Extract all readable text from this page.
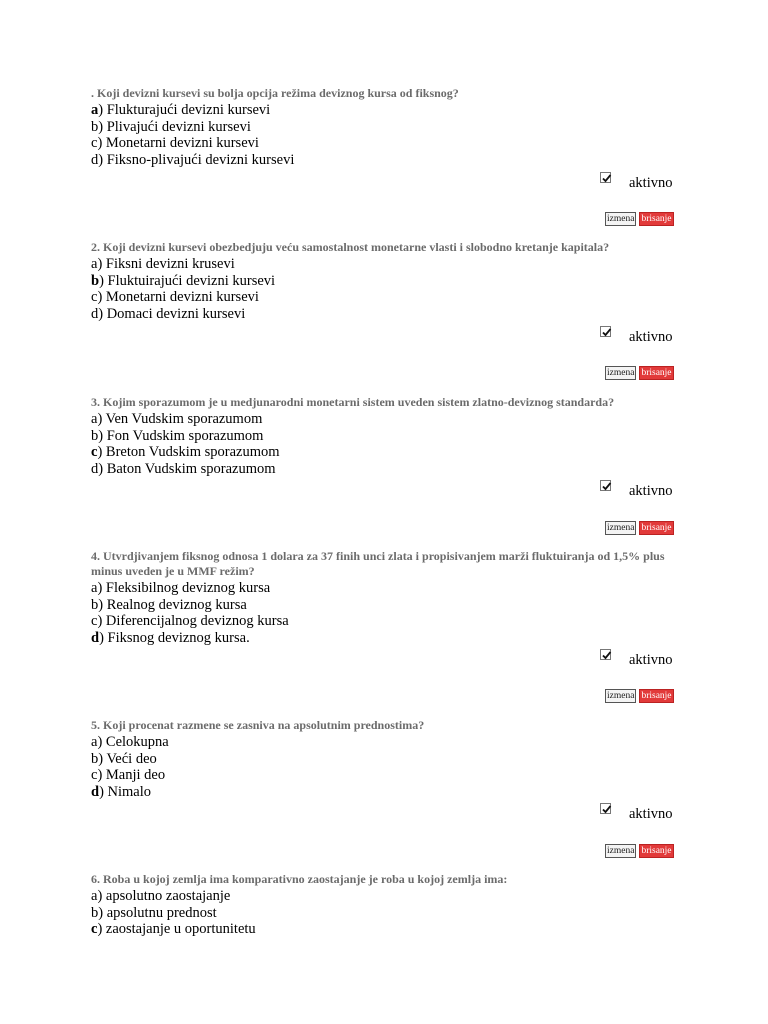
. Koji devizni kursevi su bolja opcija režima deviznog kursa od fiksnog?
a) Flukturajući devizni kursevi
b) Plivajući devizni kursevi
c) Monetarni devizni kursevi
d) Fiksno-plivajući devizni kursevi
aktivno
izmena brisanje
2. Koji devizni kursevi obezbedjuju veću samostalnost monetarne vlasti i slobodno kretanje kapitala?
a) Fiksni devizni krusevi
b) Fluktuirajući devizni kursevi
c) Monetarni devizni kursevi
d) Domaci devizni kursevi
aktivno
izmena brisanje
3. Kojim sporazumom je u medjunarodni monetarni sistem uveden sistem zlatno-deviznog standarda?
a) Ven Vudskim sporazumom
b) Fon Vudskim sporazumom
c) Breton Vudskim sporazumom
d) Baton Vudskim sporazumom
aktivno
izmena brisanje
4. Utvrdjivanjem fiksnog odnosa 1 dolara za 37 finih unci zlata i propisivanjem marži fluktuiranja od 1,5% plus minus uveden je u MMF režim?
a) Fleksibilnog deviznog kursa
b) Realnog deviznog kursa
c) Diferencijalnog deviznog kursa
d) Fiksnog deviznog kursa.
aktivno
izmena brisanje
5. Koji procenat razmene se zasniva na apsolutnim prednostima?
a) Celokupna
b) Veći deo
c) Manji deo
d) Nimalo
aktivno
izmena brisanje
6. Roba u kojoj zemlja ima komparativno zaostajanje je roba u kojoj zemlja ima:
a) apsolutno zaostajanje
b) apsolutnu prednost
c) zaostajanje u oportunitetu
